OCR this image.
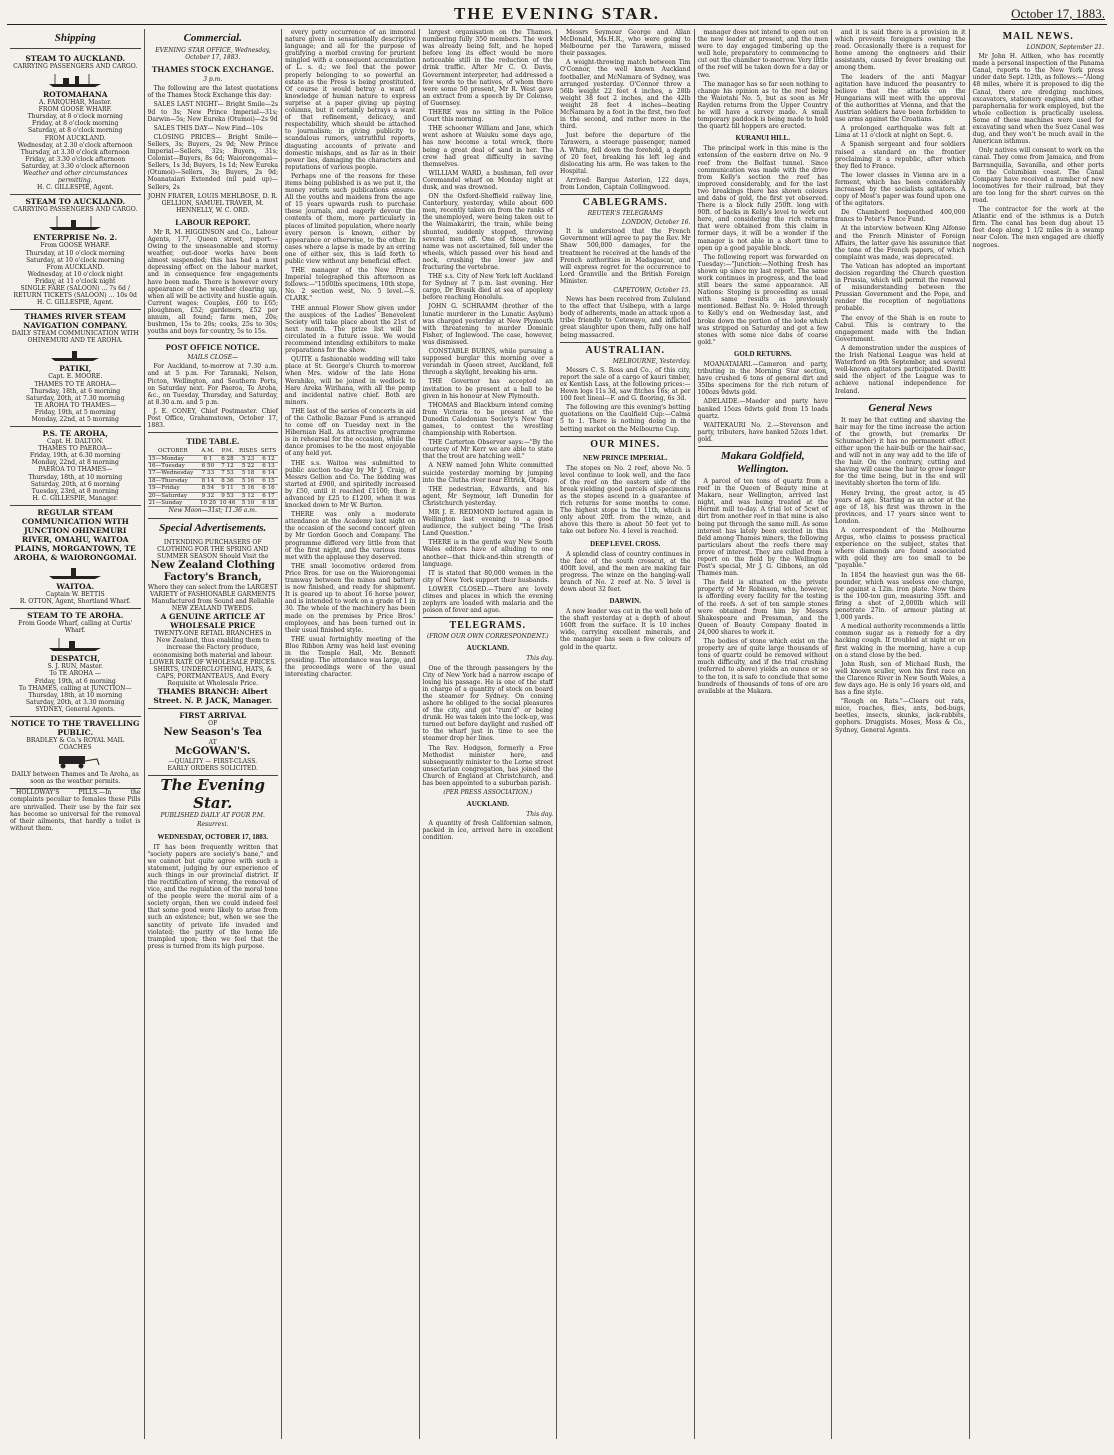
THE EVENING STAR.	October 17, 1883.
Shipping
STEAM TO AUCKLAND.
CARRYING PASSENGERS AND CARGO.
ROTOMAHANA
A. FARQUHAR, Master.
FROM GOOSE WHARF.
Thursday, at 8 o'clock morning
Friday, at 8 o'clock morning
Saturday, at 8 o'clock morning
FROM AUCKLAND.
Wednesday, at 2.30 o'clock afternoon
Thursday, at 3.30 o'clock afternoon
Friday, at 3.30 o'clock afternoon
Saturday, at 3.30 o'clock afternoon
Weather and other circumstances permitting.
H. C. GILLESPIE, Agent.
STEAM TO AUCKLAND.
CARRYING PASSENGERS AND CARGO.
ENTERPRISE No. 2.
From GOOSE WHARF.
Thursday, at 10 o'clock morning
Saturday, at 10 o'clock morning
From AUCKLAND.
Wednesday, at 10 o'clock night
Friday, at 11 o'clock night
SINGLE FARE (SALOON) ... 7s 6d / RETURN TICKETS (SALOON) ... 10s 0d
H. C. GILLESPIE, Agent.
THAMES RIVER STEAM NAVIGATION COMPANY.
DAILY STEAM COMMUNICATION WITH OHINEMURI AND TE AROHA.
PATIKI,
Capt. E. MOORE.
THAMES TO TE AROHA—
Thursday, 18th, at 6 morning
Saturday, 20th, at 7.30 morning
TE AROHA TO THAMES—
Friday, 19th, at 5 morning
Monday, 22nd, at 5 morning
P.S. TE AROHA,
Capt. H. DALTON.
THAMES TO PAEROA—
Friday, 19th, at 6.30 morning
Monday, 22nd, at 8 morning
PAEROA TO THAMES—
Thursday, 18th, at 10 morning
Saturday, 20th, at 6 morning
Tuesday, 23rd, at 8 morning
H. C. GILLESPIE, Manager.
REGULAR STEAM COMMUNICATION WITH JUNCTION OHINEMURI RIVER, OMAHU, WAITOA PLAINS, MORGANTOWN, TE AROHA, & WAIORONGOMAI.
WAITOA.
Captain W. BETTIS
R. OTTON, Agent, Shortland Wharf.
STEAM TO TE AROHA.
From Goode Wharf, calling at Curtis' Wharf.
DESPATCH,
S. J. RUN, Master.
To TE AROHA —
Friday, 19th, at 6 morning
To THAMES, calling at JUNCTION—
Thursday, 18th, at 10 morning
Saturday, 20th, at 3.30 morning
SYDNEY, General Agents.
NOTICE TO THE TRAVELLING PUBLIC.
BRADLEY & Co.'s ROYAL MAIL COACHES
DAILY between Thames and Te Aroha, as soon as the weather permits.

HOLLOWAY'S PILLS.—In the complaints peculiar to females these Pills are unrivalled. Their use by the fair sex has become so universal for the removal of their ailments, that hardly a toilet is without them.

Commercial.
EVENING STAR OFFICE, Wednesday, October 17, 1883.
THAMES STOCK EXCHANGE.
3 p.m.

The following are the latest quotations of the Thames Stock Exchange this day:

SALES LAST NIGHT— Bright Smile—2s 9d to 3s; New Prince Imperial—31s; Darwin—5s; New Eureka (Otumoi)—2s 9d

SALES THIS DAY— New Find—10s

CLOSING PRICES— Bright Smile—Sellers, 3s; Buyers, 2s 9d; New Prince Imperial—Sellers, 32s; Buyers, 31s; Colonist—Buyers, 8s 6d; Waiorongomai—Sellers, 1s 3d; Buyers, 1s 1d; New Eureka (Otumoi)—Sellers, 3s; Buyers, 2s 9d; Moanataiari Extended (nil paid up)—Sellers, 2s

JOHN FRATER, LOUIS MEHLBOSE, D. R. GELLION, SAMUEL TRAVER, M. HENNELLY, W. C. ORD.

LABOUR REPORT.

Mr R. M. HIGGINSON and Co., Labour Agents, 177, Queen street, report:—Owing to the unseasonable and stormy weather, out-door works have been almost suspended; this has had a most depressing effect on the labour market, and in consequence few engagements have been made. There is however every appearance of the weather clearing up, when all will be activity and hustle again. Current wages: Couples, £60 to £65; ploughmen, £52; gardeners, £52 per annum, all found; farm men, 20s; bushmen, 15s to 20s; cooks, 25s to 30s; youths and boys for country, 5s to 15s.

POST OFFICE NOTICE.
MAILS CLOSE—

For Auckland, to-morrow at 7.30 a.m. and at 5 p.m. For Taranaki, Nelson, Picton, Wellington, and Southern Ports, on Saturday next. For Paeroa, Te Aroha, &c., on Tuesday, Thursday, and Saturday, at 8.30 a.m. and 5 p.m.

J. E. CONEY, Chief Postmaster. Chief Post Office, Grahamstown, October 17, 1883.

TIDE TABLE.
OCTOBER	A.M.	P.M.	RISES	SETS
15—Monday	6 1	6 28	5 23	6 12
16—Tuesday	6 50	7 12	5 22	6 13
17—Wednesday	7 33	7 53	5 18	6 14
18—Thursday	8 14	8 36	5 16	6 15
19—Friday	8 54	9 11	5 16	6 16
20—Saturday	9 32	9 53	5 12	6 17
21—Sunday	10 20	10 46	5 10	6 18
New Moon—31st; 11.36 a.m.
Special Advertisements.
INTENDING PURCHASERS OF CLOTHING FOR THE SPRING AND SUMMER SEASON Should Visit the
New Zealand Clothing Factory's Branch,
Where they can select from the LARGEST VARIETY of FASHIONABLE GARMENTS Manufactured from Sound and Reliable NEW ZEALAND TWEEDS.
A GENUINE ARTICLE AT WHOLESALE PRICE
TWENTY-ONE RETAIL BRANCHES in New Zealand, thus enabling them to increase the Factory produce, economising both material and labour.
LOWER RATE OF WHOLESALE PRICES. SHIRTS, UNDERCLOTHING, HATS, & CAPS, PORTMANTEAUS, And Every Requisite at Wholesale Price.
THAMES BRANCH: Albert Street. N. P. JACK, Manager.
FIRST ARRIVAL
OF
New Season's Tea
AT
McGOWAN'S.
—QUALITY — FIRST-CLASS.
EARLY ORDERS SOLICITED.
The Evening Star.
PUBLISHED DAILY AT FOUR P.M.
Resurrexi.
WEDNESDAY, OCTOBER 17, 1883.

IT has been frequently written that "society papers are society's bane," and we cannot but quite agree with such a statement, judging by our experience of such things in our provincial district. If the rectification of wrong, the removal of vice, and the regulation of the moral tone of the people were the moral aim of a society organ, then we could indeed feel that some good were likely to arise from such an existence; but, when we see the sanctity of private life invaded and violated; the purity of the home life trampled upon; then we feel that the press is turned from its high purpose.

every petty occurrence of an immoral nature given in sensationally descriptive language; and all for the purpose of gratifying a morbid craving for prurient mingled with a consequent accumulation of L. s. d.; we feel that the power properly belonging to so powerful an estate as the Press is being prostituted. Of course it would betray a want of knowledge of human nature to express surprise at a paper giving up paying columns, but it certainly betrays a want of that refinement, delicacy, and respectability, which should be attached to journalism; in giving publicity to scandalous rumors, untruthful reports, disgusting accounts of private and domestic mishaps, and as far as in their power lies, damaging the characters and reputations of various people.

Perhaps one of the reasons for these items being published is as we put it, the money return such publications ensure. All the youths and maidens from the age of 15 years upwards rush to purchase these journals, and eagerly devour the contents of them, more particularly in places of limited population, where nearly every person is known, either by appearance or otherwise, to the other. In cases where a lapse is made by an erring one of either sex, this is laid forth to public view without any beneficial effect.

THE manager of the New Prince Imperial telegraphed this afternoon as follows:—"1500lbs specimens, 10th stope, No. 2 section west, No. 5 level.—S. CLARK."

THE annual Flower Show given under the auspices of the Ladies' Benevolent Society will take place about the 21st of next month. The prize list will be circulated in a future issue. We would recommend intending exhibitors to make preparations for the show.

QUITE a fashionable wedding will take place at St. George's Church to-morrow when Mrs. widow of the late Hone Werahiko, will be joined in wedlock to Hare Areka Wirihana, with all the pomp and incidental native chief. Both are minors.

THE last of the series of concerts in aid of the Catholic Bazaar Fund is arranged to come off on Tuesday next in the Hibernian Hall. As attractive programme is in rehearsal for the occasion, while the dance promises to be the most enjoyable of any held yet.

THE s.s. Waitoa was submitted to public auction to-day by Mr J. Craig, of Messrs Gellion and Co. The bidding was started at £900, and spiritedly increased by £50, until it reached £1100; then it advanced by £25 to £1200, when it was knocked down to Mr W. Burton.

THERE was only a moderate attendance at the Academy last night on the occasion of the second concert given by Mr Gordon Gooch and Company. The programme differed very little from that of the first night, and the various items met with the applause they deserved.

THE small locomotive ordered from Price Bros. for use on the Waiorongomai tramway between the mines and battery is now finished, and ready for shipment. It is geared up to about 16 horse power, and is intended to work on a grade of 1 in 30. The whole of the machinery has been made on the premises by Price Bros.' employees, and has been turned out in their usual finished style.

THE usual fortnightly meeting of the Blue Ribbon Army was held last evening in the Temple Hall, Mr. Bennett presiding. The attendance was large, and the proceedings were of the usual interesting character.

largest organisation on the Thames, numbering fully 350 members. The work was already being felt, and he hoped before long its effect would be more noticeable still in the reduction of the drink traffic. After Mr C. O. Davis, Government interpreter, had addressed a few words to the natives, of whom there were some 50 present, Mr R. West gave an extract from a speech by Dr Colenso, of Guernsey.

THERE was no sitting in the Police Court this morning.

THE schooner William and Jane, which went ashore at Waiuku some days ago, has now become a total wreck, there being a great deal of sand in her. The crew had great difficulty in saving themselves.

WILLIAM WARD, a bushman, fell over Coromandel wharf on Monday night at dusk, and was drowned.

ON the Oxford-Sheffield railway line, Canterbury, yesterday, while about 600 men, recently taken on from the ranks of the unemployed, were being taken out to the Waimakariri, the train, while being shunted, suddenly stopped, throwing several men off. One of those, whose name was not ascertained, fell under the wheels, which passed over his head and neck, crushing the lower jaw and fracturing the vertebrae.

THE s.s. City of New York left Auckland for Sydney at 7 p.m. last evening. Her cargo, Dr Brasik died at sea of apoplexy before reaching Honolulu.

JOHN G. SCHRAMM (brother of the lunatic murderer in the Lunatic Asylum) was charged yesterday at New Plymouth with threatening to murder Dominic Fisher, of Inglewood. The case, however, was dismissed.

CONSTABLE BURNS, while pursuing a supposed burglar this morning over a verandah in Queen street, Auckland, fell through a skylight, breaking his arm.

THE Governor has accepted an invitation to be present at a ball to be given in his honour at New Plymouth.

THOMAS and Blackburn intend coming from Victoria to be present at the Dunedin Caledonian Society's New Year games, to contest the wrestling championship with Robertson.

THE Carterton Observer says:—"By the courtesy of Mr Kerr we are able to state that the trout are hatching well."

A NEW named John White committed suicide yesterday morning by jumping into the Clutha river near Ettrick, Otago.

THE pedestrian, Edwards, and his agent, Mr Seymour, left Dunedin for Christchurch yesterday.

MR J. E. REDMOND lectured again in Wellington last evening to a good audience, the subject being "The Irish Land Question."

THERE is in the gentle way New South Wales editors have of alluding to one another—that thick-and-thin strength of language.

IT is stated that 80,000 women in the city of New York support their husbands.

LOWER CLOSED.—There are lovely climes and places in which the evening zephyrs are loaded with malaria and the poison of fever and ague.

TELEGRAMS.
(FROM OUR OWN CORRESPONDENT.)
AUCKLAND.
This day.

One of the through passengers by the City of New York had a narrow escape of losing his passage. He is one of the staff in charge of a quantity of stock on board the steamer for Sydney. On coming ashore he obliged to the social pleasures of the city, and got "rum'd" or being drunk. He was taken into the lock-up, was turned out before daylight and rushed off to the wharf just in time to see the steamer drop her lines.

The Rev. Hodgson, formerly a Free Methodist minister here, and subsequently minister to the Lorne street unsectarian congregation, has joined the Church of England at Christchurch, and has been appointed to a suburban parish.

(PER PRESS ASSOCIATION.)
AUCKLAND.
This day.

A quantity of fresh Californian salmon, packed in ice, arrived here in excellent condition.

Messrs Seymour George and Allan McDonald, Ms.H.R., who were going to Melbourne per the Tarawera, missed their passages.

A weight-throwing match between Tim O'Connor, the well known Auckland footballer, and McNamara of Sydney, was arranged yesterday. O'Connor threw a 56lb weight 22 feet 4 inches, a 28lb weight 38 feet 2 inches, and the 42lb weight 28 feet 4 inches—beating McNamara by a foot in the first, two feet in the second, and rather more in the third.

Just before the departure of the Tarawera, a steerage passenger, named A. White, fell down the forehold, a depth of 20 feet, breaking his left leg and dislocating his arm. He was taken to the Hospital.

Arrived: Barque Asterion, 122 days, from London, Captain Collingwood.

CABLEGRAMS.
REUTER'S TELEGRAMS
LONDON, October 16.

It is understood that the French Government will agree to pay the Rev. Mr Shaw 500,000 damages, for the treatment he received at the hands of the French authorities in Madagascar, and will express regret for the occurrence to Lord Granville and the British Foreign Minister.

CAPETOWN, October 15.

News has been received from Zululand to the effect that Usibepu, with a large body of adherents, made an attack upon a tribe friendly to Cetewayo, and inflicted great slaughter upon them, fully one half being massacred.

AUSTRALIAN.
MELBOURNE, Yesterday.

Messrs C. S. Ross and Co., of this city, report the sale of a cargo of kauri timber, ex Kentish Lass, at the following prices:—Hewn logs 11s 3d, saw fitches 16s; at per 100 feet lineal—F. and G. flooring, 6s 3d.

The following are this evening's betting quotations on the Caulfield Cup:—Calma 5 to 1. There is nothing doing in the betting market on the Melbourne Cup.

OUR MINES.
NEW PRINCE IMPERIAL.

The stopes on No. 2 reef, above No. 5 level continue to look well, and the face of the reef on the eastern side of the break yielding good parcels of specimens as the stopes ascend in a guarantee of rich returns for some months to come. The highest stope is the 11th, which is only about 20ft. from the winze, and above this there is about 50 feet yet to take out before No. 4 level is reached.

DEEP LEVEL CROSS.

A splendid class of country continues in the face of the south crosscut, at the 400ft level, and the men are making fair progress. The winze on the hanging-wall branch of No. 2 reef at No. 5 level is down about 32 feet.

DARWIN.

A new leader was cut in the well hole of the shaft yesterday at a depth of about 160ft from the surface. It is 10 inches wide, carrying excellent minerals, and the manager has seen a few colours of gold in the quartz.

manager does not intend to open out on the new leader at present, and the men were to day engaged timbering up the well hole, preparatory to commencing to cut out the chamber to-morrow. Very little of the reef will be taken down for a day or two.

The manager has so far seen nothing to change his opinion as to the reef being the Waiotahi No. 5, but as soon as Mr Rayden returns from the Upper Country he will have a survey made. A small temporary paddock is being made to hold the quartz till hoppers are erected.

KURANUI HILL.

The principal work in this mine is the extension of the eastern drive on No. 9 reef from the Belfast tunnel. Since communication was made with the drive from Kelly's section the reef has improved considerably, and for the last two breakings there has shown colours and dabs of gold, the first yet observed. There is a block fully 250ft. long with 90ft. of backs in Kelly's level to work out here, and considering the rich returns that were obtained from this claim in former days, it will be a wonder if the manager is not able in a short time to open up a good payable block.

The following report was forwarded on Tuesday:—"Junction:—Nothing fresh has shown up since my last report. The same work continues in progress, and the lead still bears the same appearance. All Nations: Stoping is proceeding as usual with same results as previously mentioned. Belfast No. 9: Holed through to Kelly's end on Wednesday last, and broke down the portion of the lode which was stripped on Saturday and got a few stones with some nice dabs of coarse gold."

GOLD RETURNS.

MOANATAIARI.—Cameron and party, tributing in the Morning Star section, have crushed 6 tons of general dirt and 35lbs specimens for the rich return of 100ozs 9dwts gold.

ADELAIDE.—Maeder and party have banked 15ozs 6dwts gold from 15 loads quartz.

WAITEKAURI No. 2.—Stevenson and party, tributers, have banked 52ozs 1dwt. gold.

Makara Goldfield, Wellington.

A parcel of ten tons of quartz from a reef in the Queen of Beauty mine at Makara, near Wellington, arrived last night, and was being treated at the Hermit mill to-day. A trial lot of 5cwt of dirt from another reef in that mine is also being put through the same mill. As some interest has lately been excited in this field among Thames miners, the following particulars about the reefs there may prove of interest. They are culled from a report on the field by the Wellington Post's special, Mr J. G. Gibbons, an old Thames man.

The field is situated on the private property of Mr Robinson, who, however, is affording every facility for the testing of the reefs. A set of ten sample stones were obtained from him by Messrs Shakespeare and Pressman, and the Queen of Beauty Company floated in 24,000 shares to work it.

The bodies of stone which exist on the property are of quite large thousands of tons of quartz could be removed without much difficulty, and if the trial crushing (referred to above) yields an ounce or so to the ton, it is safe to conclude that some hundreds of thousands of tons of ore are available at the Makara.

and it is said there is a provision in it which prevents foreigners owning the road. Occasionally there is a request for home among the engineers and their assistants, caused by fever breaking out among them.

The leaders of the anti Magyar agitation have induced the peasantry to believe that the attacks on the Hungarians will meet with the approval of the authorities at Vienna, and that the Austrian soldiers have been forbidden to use arms against the Croatians.

A prolonged earthquake was felt at Lima at 11 o'clock at night on Sept. 6.

A Spanish sergeant and four soldiers raised a standard on the frontier proclaiming it a republic, after which they fled to France.

The lower classes in Vienna are in a ferment, which has been considerably increased by the socialists agitators. A copy of Most's paper was found upon one of the agitators.

De Chambord bequeathed 400,000 francs to Peter's Pence Fund.

At the interview between King Alfonso and the French Minister of Foreign Affairs, the latter gave his assurance that the tone of the French papers, of which complaint was made, was deprecated.

The Vatican has adopted an important decision regarding the Church question in Prussia, which will permit the renewal of misunderstanding between the Prussian Government and the Pope, and render the reception of negotiations probable.

The envoy of the Shah is en route to Cabul. This is contrary to the engagement made with the Indian Government.

A demonstration under the auspices of the Irish National League was held at Waterford on 9th September, and several well-known agitators participated. Davitt said the object of the League was to achieve national independence for Ireland.

General News

It may be that cutting and shaving the hair may for the time increase the action of the growth, but (remarks Dr Schumacher) it has no permanent effect either upon the hair-bulb or the hair-sac, and will not in any way add to the life of the hair. On the contrary, cutting and shaving will cause the hair to grow longer for the time being, but in the end will inevitably shorten the term of life.

Henry Irving, the great actor, is 45 years of age. Starting as an actor at the age of 18, his first was thrown in the provinces, and 17 years since went to London.

A correspondent of the Melbourne Argus, who claims to possess practical experience on the subject, states that where diamonds are found associated with gold they are too small to be "payable."

In 1854 the heaviest gun was the 68-pounder, which was useless one charge, for against a 12in. iron plate. Now there is the 100-ton gun, measuring 35ft. and firing a shot of 2,000lb which will penetrate 27in. of armour plating at 1,000 yards.

A medical authority recommends a little common sugar as a remedy for a dry hacking cough. If troubled at night or on first waking in the morning, have a cup on a stand close by the bed.

John Rush, son of Michael Rush, the well known sculler, won his first race on the Clarence River in New South Wales, a few days ago. He is only 16 years old, and has a fine style.

"Rough on Rats."—Clears out rats, mice, roaches, flies, ants, bed-bugs, beetles, insects, skunks, jack-rabbits, gophers. Druggists. Moses, Moss & Co., Sydney, General Agents.

MAIL NEWS.
LONDON, September 21.

Mr John H. Aitken, who has recently made a personal inspection of the Panama Canal, reports to the New York press under date Sept. 12th, as follows:—"Along 48 miles, where it is proposed to dig the Canal, there are dredging machines, excavators, stationery engines, and other paraphernalia for work employed, but the whole collection is practically useless. Some of these machines were used for excavating sand when the Suez Canal was dug, and they won't be much avail in the American isthmus.

Only natives will consent to work on the canal. They come from Jamaica, and from Barranquilla, Savanilla, and other ports on the Columbian coast. The Canal Company have received a number of new locomotives for their railroad, but they are too long for the short curves on the road.

The contractor for the work at the Atlantic end of the isthmus is a Dutch firm. The canal has been dug about 15 feet deep along 1 1/2 miles in a swamp near Colon. The men engaged are chiefly negroes.
